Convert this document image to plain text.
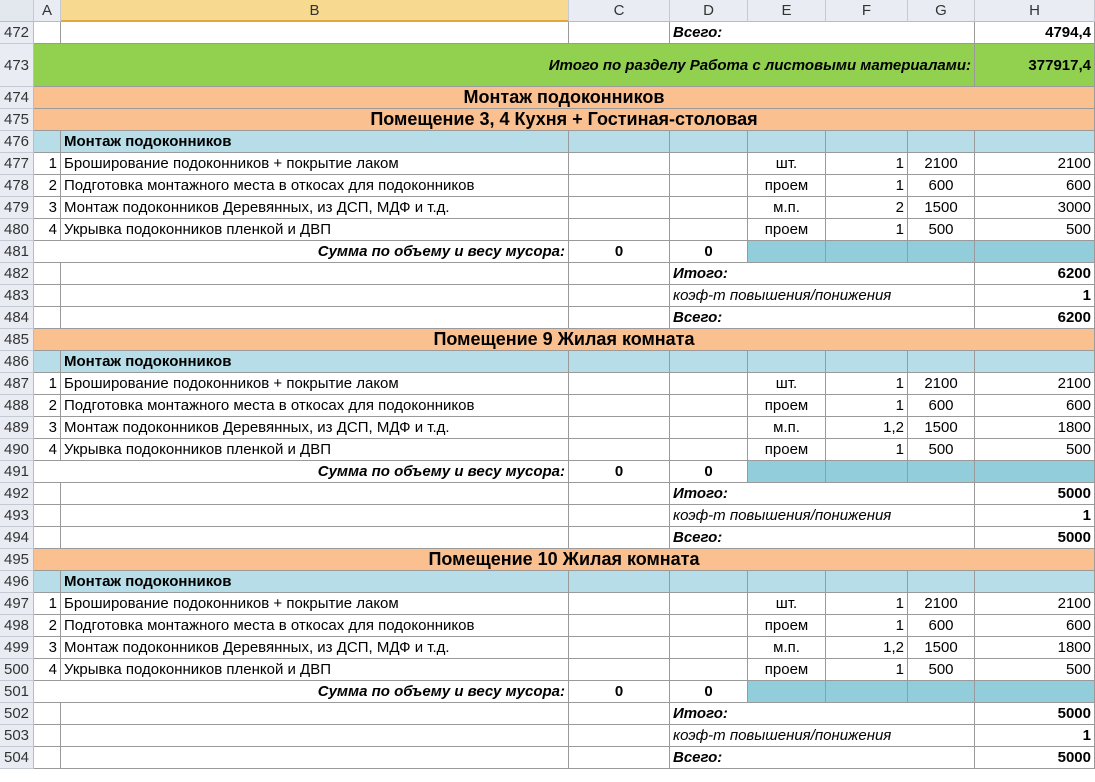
A	B	C	D	E	F	G	H
472	Всего:	4794,4
473	Итого по разделу Работа с листовыми материалами:	377917,4
474	Монтаж подоконников
475	Помещение 3, 4 Кухня + Гостиная-столовая
476	Монтаж подоконников
477	1 Броширование подоконников + покрытие лаком	шт.	1	2100	2100
478	2 Подготовка монтажного места в откосах для подоконников	проем	1	600	600
479	3 Монтаж подоконников Деревянных, из ДСП, МДФ и т.д.	м.п.	2	1500	3000
480	4 Укрывка подоконников пленкой и ДВП	проем	1	500	500
481	Сумма по объему и весу мусора:	0	0
482	Итого:	6200
483	коэф-т повышения/понижения	1
484	Всего:	6200
485	Помещение 9 Жилая комната
486	Монтаж подоконников
487	1 Броширование подоконников + покрытие лаком	шт.	1	2100	2100
488	2 Подготовка монтажного места в откосах для подоконников	проем	1	600	600
489	3 Монтаж подоконников Деревянных, из ДСП, МДФ и т.д.	м.п.	1,2	1500	1800
490	4 Укрывка подоконников пленкой и ДВП	проем	1	500	500
491	Сумма по объему и весу мусора:	0	0
492	Итого:	5000
493	коэф-т повышения/понижения	1
494	Всего:	5000
495	Помещение 10 Жилая комната
496	Монтаж подоконников
497	1 Броширование подоконников + покрытие лаком	шт.	1	2100	2100
498	2 Подготовка монтажного места в откосах для подоконников	проем	1	600	600
499	3 Монтаж подоконников Деревянных, из ДСП, МДФ и т.д.	м.п.	1,2	1500	1800
500	4 Укрывка подоконников пленкой и ДВП	проем	1	500	500
501	Сумма по объему и весу мусора:	0	0
502	Итого:	5000
503	коэф-т повышения/понижения	1
504	Всего:	5000
